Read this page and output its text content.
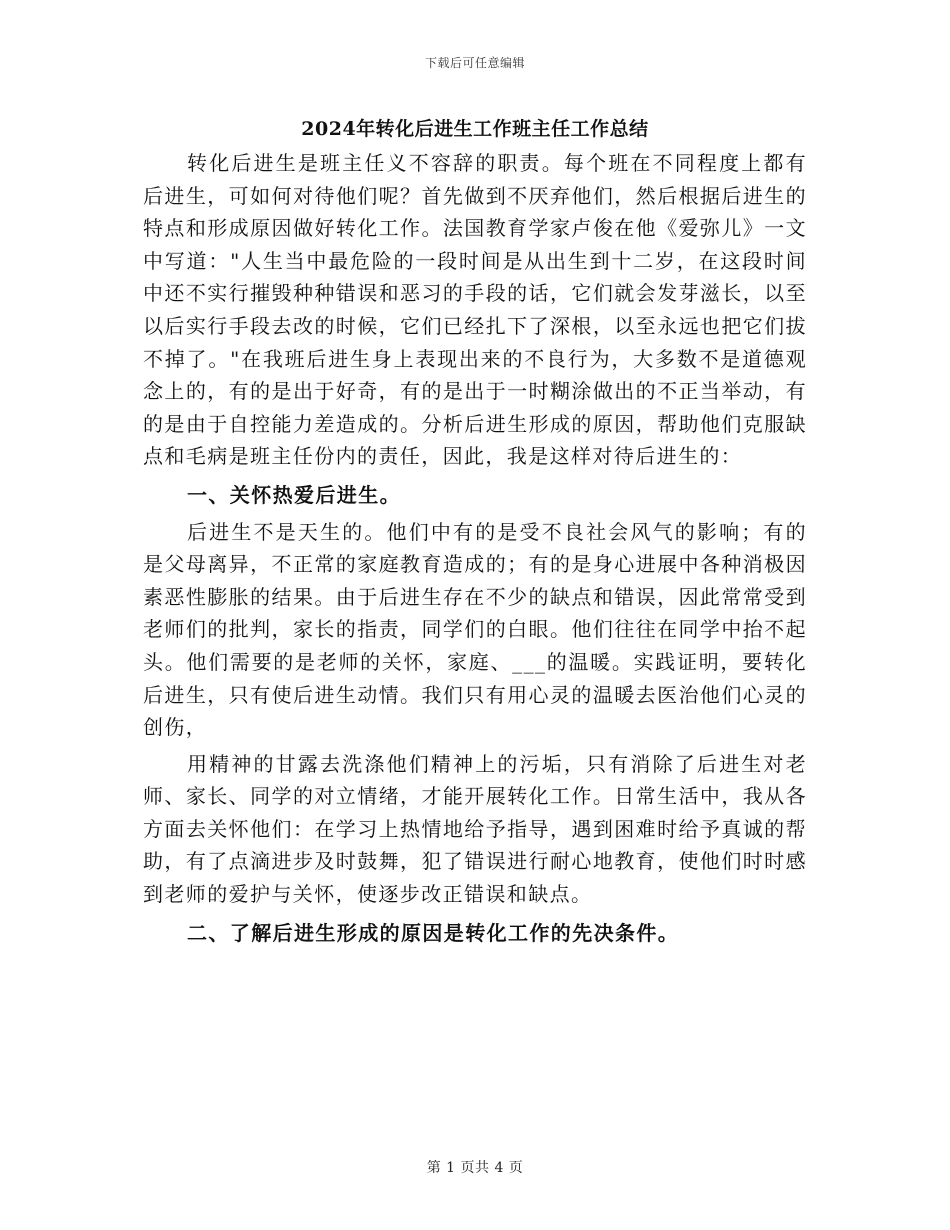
下载后可任意编辑
2024年转化后进生工作班主任工作总结

转化后进生是班主任义不容辞的职责。每个班在不同程度上都有后进生，可如何对待他们呢？首先做到不厌弃他们，然后根据后进生的特点和形成原因做好转化工作。法国教育学家卢俊在他《爱弥儿》一文中写道："人生当中最危险的一段时间是从出生到十二岁，在这段时间中还不实行摧毁种种错误和恶习的手段的话，它们就会发芽滋长，以至以后实行手段去改的时候，它们已经扎下了深根，以至永远也把它们拔不掉了。"在我班后进生身上表现出来的不良行为，大多数不是道德观念上的，有的是出于好奇，有的是出于一时糊涂做出的不正当举动，有的是由于自控能力差造成的。分析后进生形成的原因，帮助他们克服缺点和毛病是班主任份内的责任，因此，我是这样对待后进生的：

一、关怀热爱后进生。

后进生不是天生的。他们中有的是受不良社会风气的影响；有的是父母离异，不正常的家庭教育造成的；有的是身心进展中各种消极因素恶性膨胀的结果。由于后进生存在不少的缺点和错误，因此常常受到老师们的批判，家长的指责，同学们的白眼。他们往往在同学中抬不起头。他们需要的是老师的关怀，家庭、___的温暖。实践证明，要转化后进生，只有使后进生动情。我们只有用心灵的温暖去医治他们心灵的创伤，

用精神的甘露去洗涤他们精神上的污垢，只有消除了后进生对老师、家长、同学的对立情绪，才能开展转化工作。日常生活中，我从各方面去关怀他们：在学习上热情地给予指导，遇到困难时给予真诚的帮助，有了点滴进步及时鼓舞，犯了错误进行耐心地教育，使他们时时感到老师的爱护与关怀，使逐步改正错误和缺点。

二、了解后进生形成的原因是转化工作的先决条件。

第 1 页共 4 页
